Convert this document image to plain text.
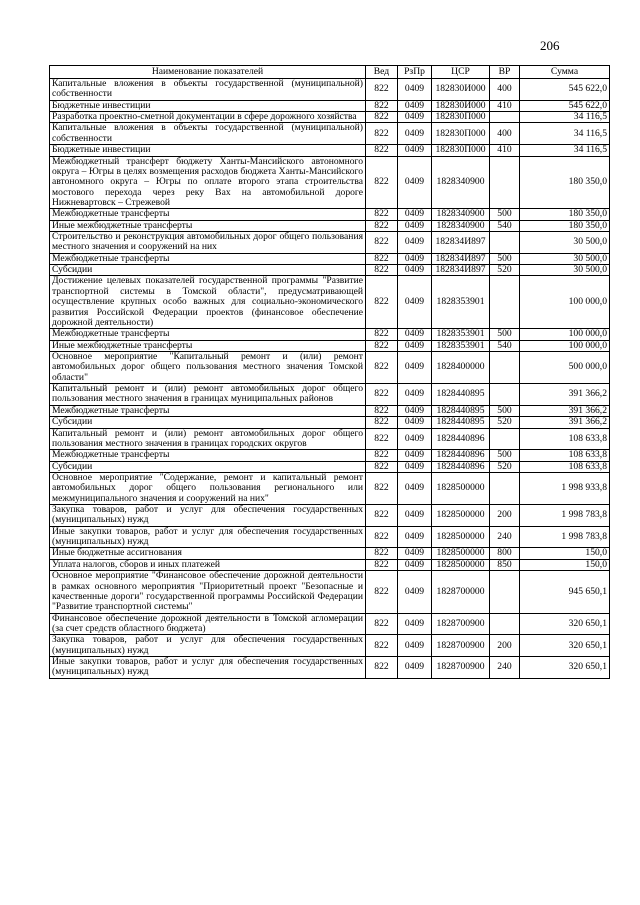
206
Наименование показателей	Вед	РзПр	ЦСР	ВР	Сумма
Капитальные вложения в объекты государственной (муниципальной) собственности	822	0409	182830И000	400	545 622,0
Бюджетные инвестиции	822	0409	182830И000	410	545 622,0
Разработка проектно-сметной документации в сфере дорожного хозяйства	822	0409	182830П000		34 116,5
Капитальные вложения в объекты государственной (муниципальной) собственности	822	0409	182830П000	400	34 116,5
Бюджетные инвестиции	822	0409	182830П000	410	34 116,5
Межбюджетный трансферт бюджету Ханты-Мансийского автономного округа – Югры в целях возмещения расходов бюджета Ханты-Мансийского автономного округа – Югры по оплате второго этапа строительства мостового перехода через реку Вах на автомобильной дороге Нижневартовск – Стрежевой	822	0409	1828340900		180 350,0
Межбюджетные трансферты	822	0409	1828340900	500	180 350,0
Иные межбюджетные трансферты	822	0409	1828340900	540	180 350,0
Строительство и реконструкция автомобильных дорог общего пользования местного значения и сооружений на них	822	0409	182834И897		30 500,0
Межбюджетные трансферты	822	0409	182834И897	500	30 500,0
Субсидии	822	0409	182834И897	520	30 500,0
Достижение целевых показателей государственной программы "Развитие транспортной системы в Томской области", предусматривающей осуществление крупных особо важных для социально-экономического развития Российской Федерации проектов (финансовое обеспечение дорожной деятельности)	822	0409	1828353901		100 000,0
Межбюджетные трансферты	822	0409	1828353901	500	100 000,0
Иные межбюджетные трансферты	822	0409	1828353901	540	100 000,0
Основное мероприятие "Капитальный ремонт и (или) ремонт автомобильных дорог общего пользования местного значения Томской области"	822	0409	1828400000		500 000,0
Капитальный ремонт и (или) ремонт автомобильных дорог общего пользования местного значения в границах муниципальных районов	822	0409	1828440895		391 366,2
Межбюджетные трансферты	822	0409	1828440895	500	391 366,2
Субсидии	822	0409	1828440895	520	391 366,2
Капитальный ремонт и (или) ремонт автомобильных дорог общего пользования местного значения в границах городских округов	822	0409	1828440896		108 633,8
Межбюджетные трансферты	822	0409	1828440896	500	108 633,8
Субсидии	822	0409	1828440896	520	108 633,8
Основное мероприятие "Содержание, ремонт и капитальный ремонт автомобильных дорог общего пользования регионального или межмуниципального значения и сооружений на них"	822	0409	1828500000		1 998 933,8
Закупка товаров, работ и услуг для обеспечения государственных (муниципальных) нужд	822	0409	1828500000	200	1 998 783,8
Иные закупки товаров, работ и услуг для обеспечения государственных (муниципальных) нужд	822	0409	1828500000	240	1 998 783,8
Иные бюджетные ассигнования	822	0409	1828500000	800	150,0
Уплата налогов, сборов и иных платежей	822	0409	1828500000	850	150,0
Основное мероприятие "Финансовое обеспечение дорожной деятельности в рамках основного мероприятия "Приоритетный проект "Безопасные и качественные дороги" государственной программы Российской Федерации "Развитие транспортной системы"	822	0409	1828700000		945 650,1
Финансовое обеспечение дорожной деятельности в Томской агломерации (за счет средств областного бюджета)	822	0409	1828700900		320 650,1
Закупка товаров, работ и услуг для обеспечения государственных (муниципальных) нужд	822	0409	1828700900	200	320 650,1
Иные закупки товаров, работ и услуг для обеспечения государственных (муниципальных) нужд	822	0409	1828700900	240	320 650,1
